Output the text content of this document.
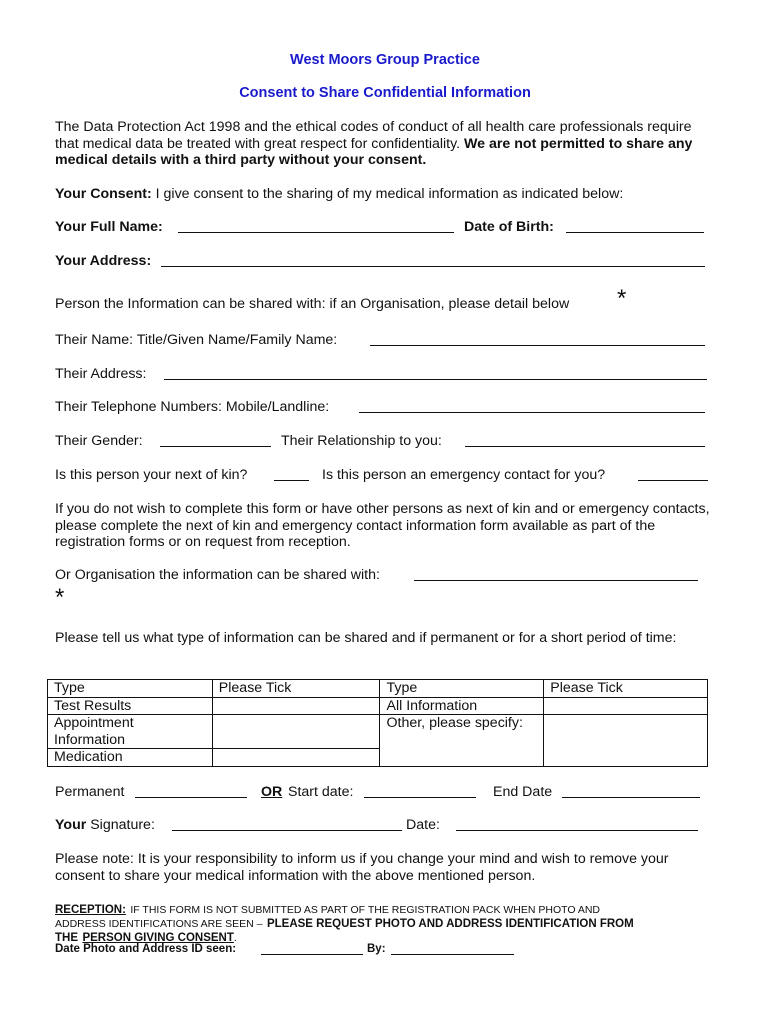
West Moors Group Practice
Consent to Share Confidential Information
The Data Protection Act 1998 and the ethical codes of conduct of all health care professionals require that medical data be treated with great respect for confidentiality. We are not permitted to share any medical details with a third party without your consent.
Your Consent: I give consent to the sharing of my medical information as indicated below:
Your Full Name:	Date of Birth:
Your Address:
Person the Information can be shared with: if an Organisation, please detail below *
Their Name: Title/Given Name/Family Name:
Their Address:
Their Telephone Numbers: Mobile/Landline:
Their Gender:	Their Relationship to you:
Is this person your next of kin?	Is this person an emergency contact for you?
If you do not wish to complete this form or have other persons as next of kin and or emergency contacts, please complete the next of kin and emergency contact information form available as part of the registration forms or on request from reception.
Or Organisation the information can be shared with:
*
Please tell us what type of information can be shared and if permanent or for a short period of time:
Type	Please Tick	Type	Please Tick
Test Results		All Information	
Appointment Information		Other, please specify:	
Medication			
Permanent	OR Start date:	End Date
Your Signature:	Date:
Please note: It is your responsibility to inform us if you change your mind and wish to remove your consent to share your medical information with the above mentioned person.
RECEPTION: IF THIS FORM IS NOT SUBMITTED AS PART OF THE REGISTRATION PACK WHEN PHOTO AND
ADDRESS IDENTIFICATIONS ARE SEEN – PLEASE REQUEST PHOTO AND ADDRESS IDENTIFICATION FROM
THE PERSON GIVING CONSENT.
Date Photo and Address ID seen:	By:
